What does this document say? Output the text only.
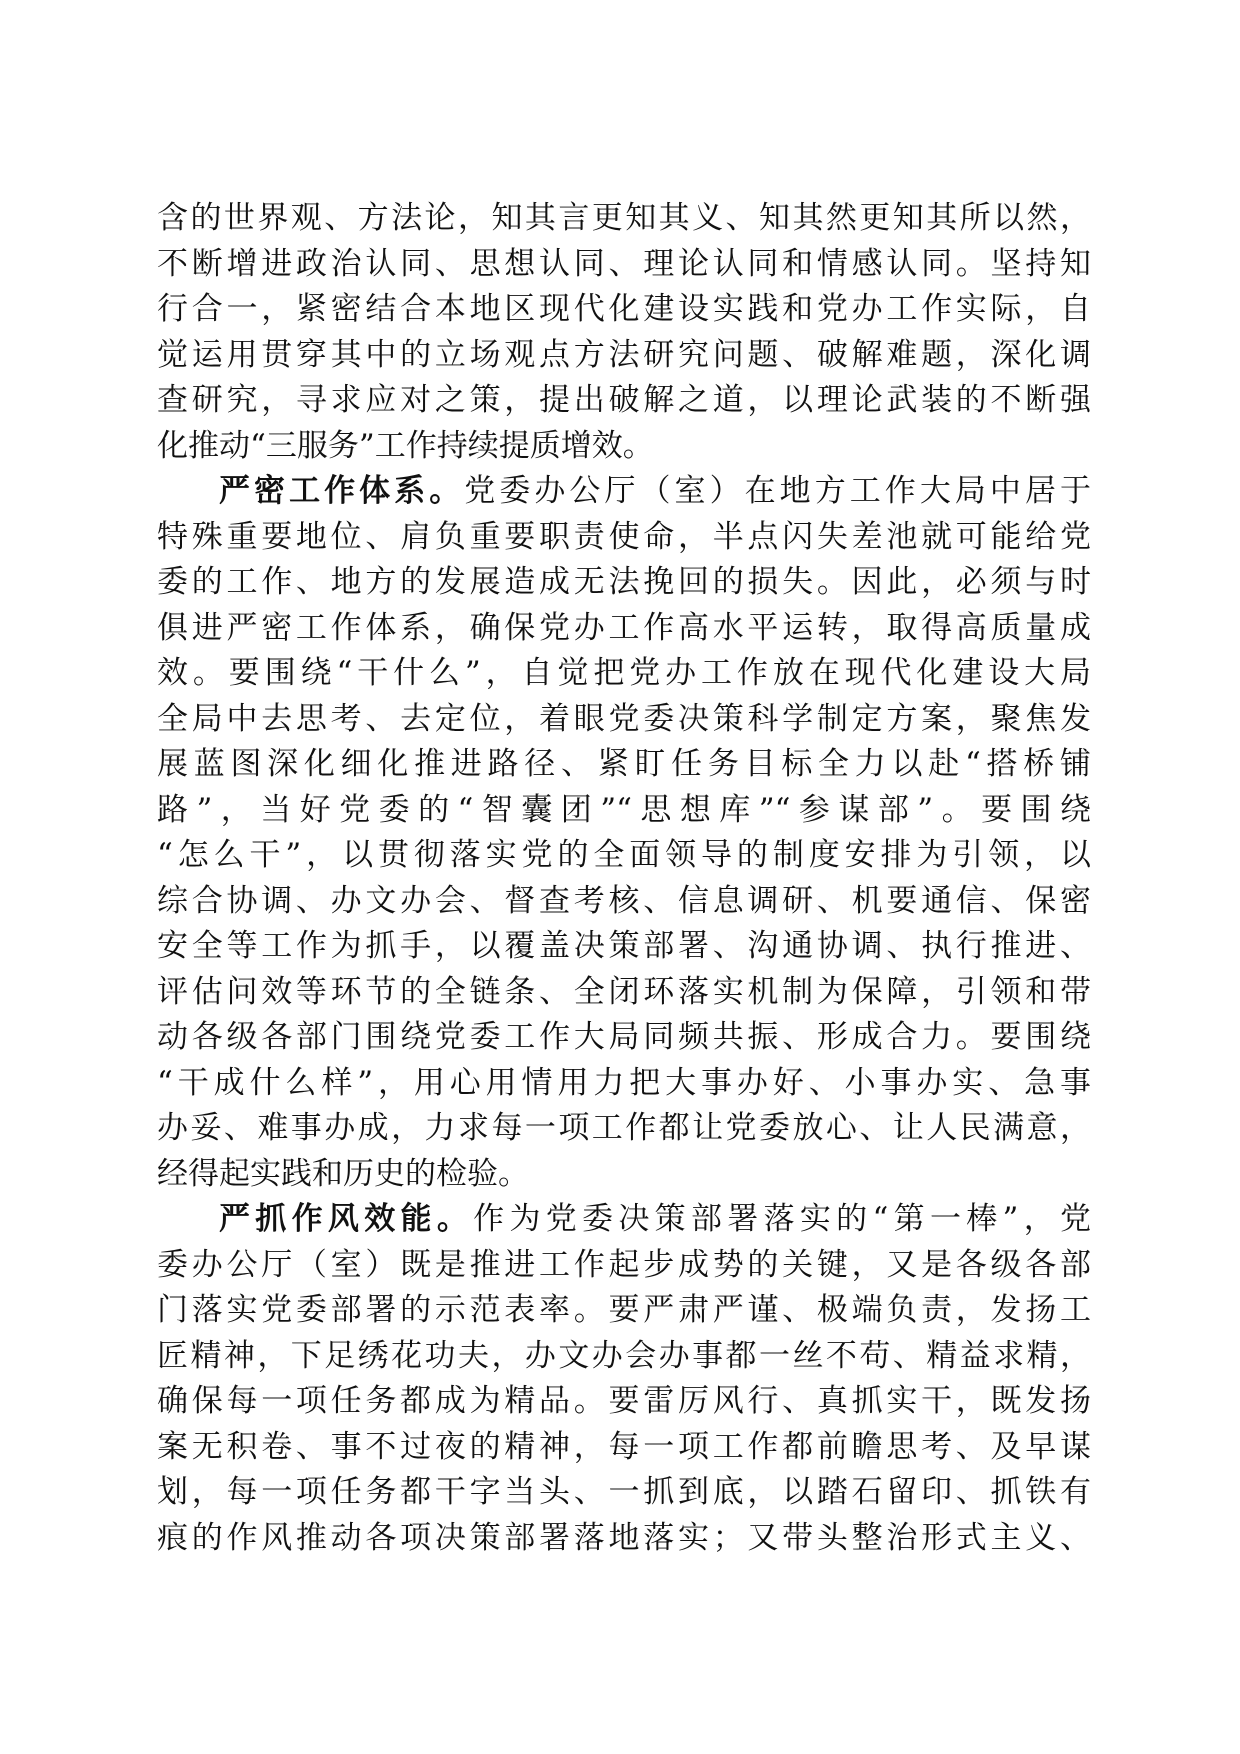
含的世界观、方法论，知其言更知其义、知其然更知其所以然，
不断增进政治认同、思想认同、理论认同和情感认同。坚持知
行合一，紧密结合本地区现代化建设实践和党办工作实际，自
觉运用贯穿其中的立场观点方法研究问题、破解难题，深化调
查研究，寻求应对之策，提出破解之道，以理论武装的不断强
化推动“三服务”工作持续提质增效。
严密工作体系。党委办公厅（室）在地方工作大局中居于
特殊重要地位、肩负重要职责使命，半点闪失差池就可能给党
委的工作、地方的发展造成无法挽回的损失。因此，必须与时
俱进严密工作体系，确保党办工作高水平运转，取得高质量成
效。要围绕“干什么”，自觉把党办工作放在现代化建设大局
全局中去思考、去定位，着眼党委决策科学制定方案，聚焦发
展蓝图深化细化推进路径、紧盯任务目标全力以赴“搭桥铺
路”，当好党委的“智囊团”“思想库”“参谋部”。要围绕
“怎么干”，以贯彻落实党的全面领导的制度安排为引领，以
综合协调、办文办会、督查考核、信息调研、机要通信、保密
安全等工作为抓手，以覆盖决策部署、沟通协调、执行推进、
评估问效等环节的全链条、全闭环落实机制为保障，引领和带
动各级各部门围绕党委工作大局同频共振、形成合力。要围绕
“干成什么样”，用心用情用力把大事办好、小事办实、急事
办妥、难事办成，力求每一项工作都让党委放心、让人民满意，
经得起实践和历史的检验。
严抓作风效能。作为党委决策部署落实的“第一棒”，党
委办公厅（室）既是推进工作起步成势的关键，又是各级各部
门落实党委部署的示范表率。要严肃严谨、极端负责，发扬工
匠精神，下足绣花功夫，办文办会办事都一丝不苟、精益求精，
确保每一项任务都成为精品。要雷厉风行、真抓实干，既发扬
案无积卷、事不过夜的精神，每一项工作都前瞻思考、及早谋
划，每一项任务都干字当头、一抓到底，以踏石留印、抓铁有
痕的作风推动各项决策部署落地落实；又带头整治形式主义、
